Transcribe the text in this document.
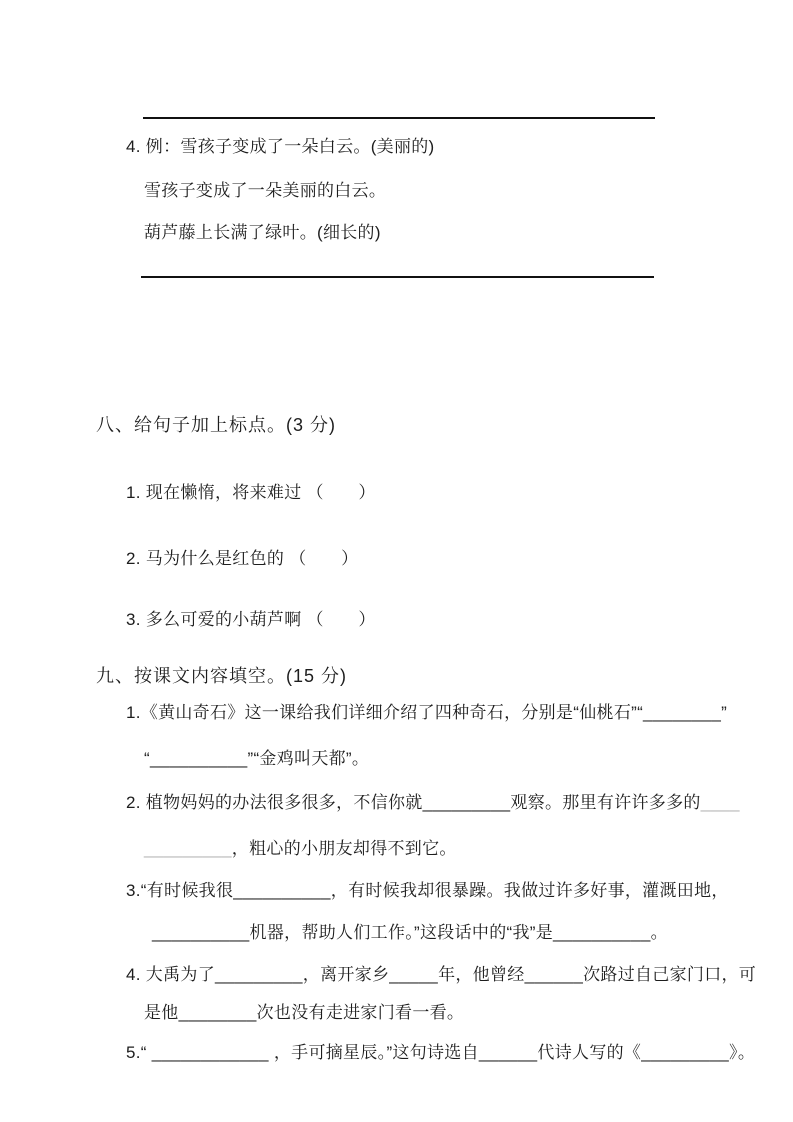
4. 例：雪孩子变成了一朵白云。(美丽的)
雪孩子变成了一朵美丽的白云。
葫芦藤上长满了绿叶。(细长的)
八、给句子加上标点。(3 分)
1. 现在懒惰，将来难过 （　　）
2. 马为什么是红色的 （　　）
3. 多么可爱的小葫芦啊 （　　）
九、按课文内容填空。(15 分)
1.《黄山奇石》这一课给我们详细介绍了四种奇石，分别是“仙桃石”“________”
“__________”“金鸡叫天都”。
2. 植物妈妈的办法很多很多，不信你就_________观察。那里有许许多多的____
_________，粗心的小朋友却得不到它。
3.“有时候我很__________，有时候我却很暴躁。我做过许多好事，灌溉田地，
__________机器，帮助人们工作。”这段话中的“我”是__________。
4. 大禹为了_________，离开家乡_____年，他曾经______次路过自己家门口，可
是他________次也没有走进家门看一看。
5.“ ____________ ，手可摘星辰。”这句诗选自______代诗人写的《_________》。
